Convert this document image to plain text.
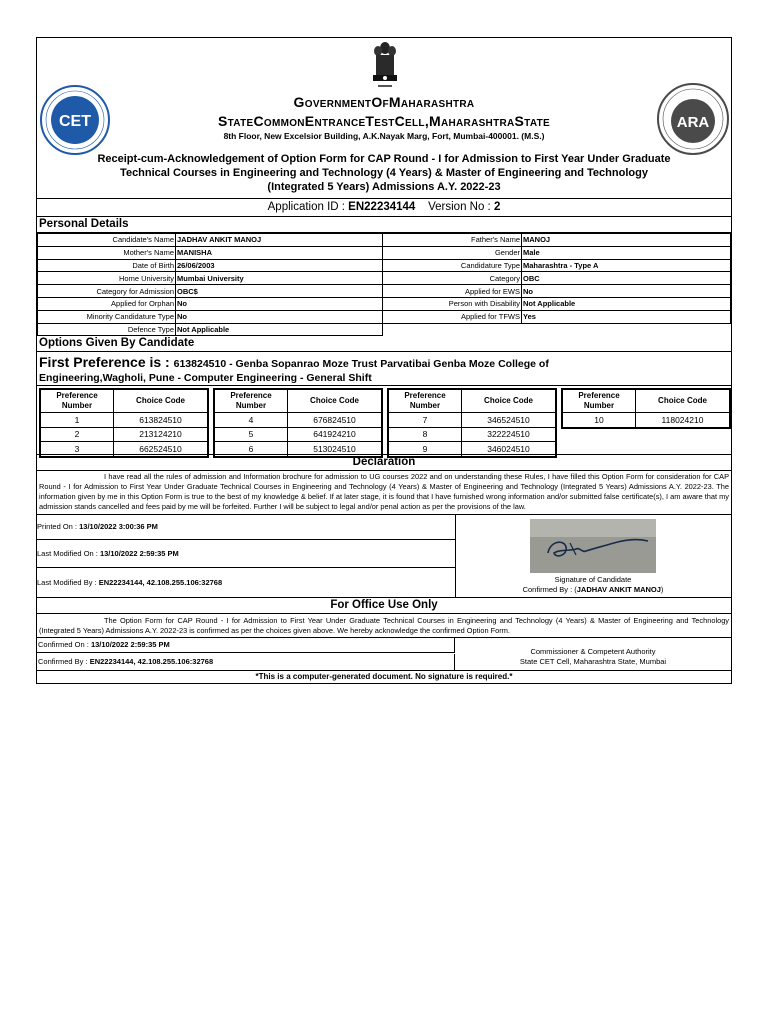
CET	ARA
GovernmentOfMaharashtra
StateCommonEntranceTestCell,MaharashtraState
8th Floor, New Excelsior Building, A.K.Nayak Marg, Fort, Mumbai-400001. (M.S.)
Receipt-cum-Acknowledgement of Option Form for CAP Round - I for Admission to First Year Under Graduate Technical Courses in Engineering and Technology (4 Years) & Master of Engineering and Technology (Integrated 5 Years) Admissions A.Y. 2022-23
Application ID : EN22234144 Version No : 2
Personal Details
Candidate's Name	JADHAV ANKIT MANOJ	Father's Name	MANOJ
Mother's Name	MANISHA	Gender	Male
Date of Birth	26/06/2003	Candidature Type	Maharashtra - Type A
Home University	Mumbai University	Category	OBC
Category for Admission	OBC$	Applied for EWS	No
Applied for Orphan	No	Person with Disability	Not Applicable
Minority Candidature Type	No	Applied for TFWS	Yes
Defence Type	Not Applicable		
Options Given By Candidate
First Preference is : 613824510 - Genba Sopanrao Moze Trust Parvatibai Genba Moze College of
Engineering,Wagholi, Pune - Computer Engineering - General Shift
Preference Number	Choice Code
1	613824510
2	213124210
3	662524510
Preference Number	Choice Code
4	676824510
5	641924210
6	513024510
Preference Number	Choice Code
7	346524510
8	322224510
9	346024510
Preference Number	Choice Code
10	118024210
Declaration
I have read all the rules of admission and Information brochure for admission to UG courses 2022 and on understanding these Rules, I have filled this Option Form for consideration for CAP Round - I for Admission to First Year Under Graduate Technical Courses in Engineering and Technology (4 Years) & Master of Engineering and Technology (Integrated 5 Years) Admissions A.Y. 2022-23. The information given by me in this Option Form is true to the best of my knowledge & belief. If at later stage, it is found that I have furnished wrong information and/or submitted false certificate(s), I am aware that my admission stands cancelled and fees paid by me will be forfeited. Further I will be subject to legal and/or penal action as per the provisions of the law.
Printed On : 13/10/2022 3:00:36 PM
Last Modified On : 13/10/2022 2:59:35 PM
Last Modified By : EN22234144, 42.108.255.106:32768	Signature of Candidate
Confirmed By : (JADHAV ANKIT MANOJ)
For Office Use Only
The Option Form for CAP Round - I for Admission to First Year Under Graduate Technical Courses in Engineering and Technology (4 Years) & Master of Engineering and Technology (Integrated 5 Years) Admissions A.Y. 2022-23 is confirmed as per the choices given above. We hereby acknowledge the confirmed Option Form.
Confirmed On : 13/10/2022 2:59:35 PM
Confirmed By : EN22234144, 42.108.255.106:32768
Commissioner & Competent Authority
State CET Cell, Maharashtra State, Mumbai
*This is a computer-generated document. No signature is required.*
